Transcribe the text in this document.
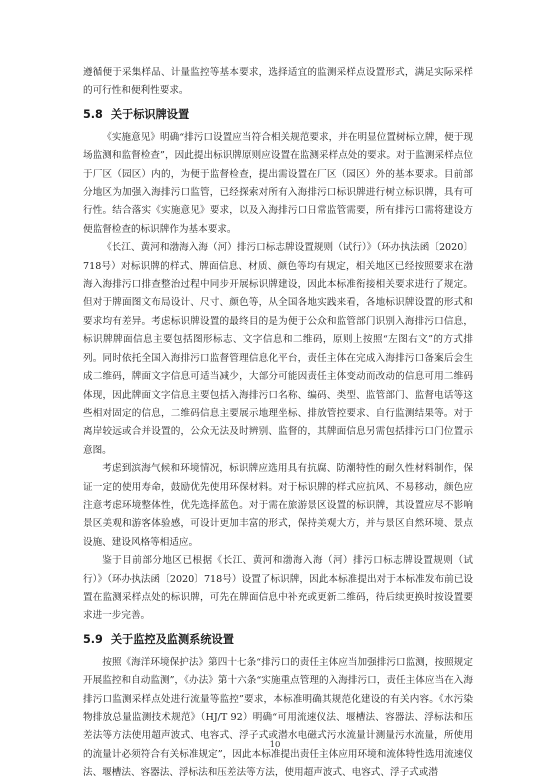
遵循便于采集样品、计量监控等基本要求，选择适宜的监测采样点设置形式，满足实际采样的可行性和便利性要求。

5.8 关于标识牌设置

《实施意见》明确“排污口设置应当符合相关规范要求，并在明显位置树标立牌，便于现场监测和监督检查”，因此提出标识牌原则应设置在监测采样点处的要求。对于监测采样点位于厂区（园区）内的，为便于监督检查，提出需设置在厂区（园区）外的基本要求。目前部分地区为加强入海排污口监管，已经探索对所有入海排污口标识牌进行树立标识牌，具有可行性。结合落实《实施意见》要求，以及入海排污口日常监管需要，所有排污口需将建设方便监督检查的标识牌作为基本要求。

《长江、黄河和渤海入海（河）排污口标志牌设置规则（试行）》（环办执法函〔2020〕718号）对标识牌的样式、牌面信息、材质、颜色等均有规定，相关地区已经按照要求在渤海入海排污口排查整治过程中同步开展标识牌建设，因此本标准衔接相关要求进行了规定。但对于牌面图文布局设计、尺寸、颜色等，从全国各地实践来看，各地标识牌设置的形式和要求均有差异。考虑标识牌设置的最终目的是为便于公众和监管部门识别入海排污口信息，标识牌牌面信息主要包括图形标志、文字信息和二维码，原则上按照“左图右文”的方式排列。同时依托全国入海排污口监督管理信息化平台，责任主体在完成入海排污口备案后会生成二维码，牌面文字信息可适当减少，大部分可能因责任主体变动而改动的信息可用二维码体现，因此牌面文字信息主要包括入海排污口名称、编码、类型、监管部门、监督电话等这些相对固定的信息，二维码信息主要展示地理坐标、排放管控要求、自行监测结果等。对于离岸较远或合并设置的，公众无法及时辨别、监督的，其牌面信息另需包括排污口门位置示意图。

考虑到滨海气候和环境情况，标识牌应选用具有抗腐、防潮特性的耐久性材料制作，保证一定的使用寿命，鼓励优先使用环保材料。对于标识牌的样式应抗风、不易移动，颜色应注意考虑环境整体性，优先选择蓝色。对于需在旅游景区设置的标识牌，其设置应尽不影响景区美观和游客体验感，可设计更加丰富的形式，保持美观大方，并与景区自然环境、景点设施、建设风格等相适应。

鉴于目前部分地区已根据《长江、黄河和渤海入海（河）排污口标志牌设置规则（试行）》（环办执法函〔2020〕718号）设置了标识牌，因此本标准提出对于本标准发布前已设置在监测采样点处的标识牌，可先在牌面信息中补充或更新二维码，待后续更换时按设置要求进一步完善。

5.9 关于监控及监测系统设置

按照《海洋环境保护法》第四十七条“排污口的责任主体应当加强排污口监测，按照规定开展监控和自动监测”，《办法》第十六条“实施重点管理的入海排污口，责任主体应当在入海排污口监测采样点处进行流量等监控”要求，本标准明确其规范化建设的有关内容。《水污染物排放总量监测技术规范》（HJ/T 92）明确“可用流速仪法、堰槽法、容器法、浮标法和压差法等方法使用超声波式、电容式、浮子式或潜水电磁式污水流量计测量污水流量，所使用的流量计必须符合有关标准规定”，因此本标准提出责任主体应用环境和流体特性选用流速仪法、堰槽法、容器法、浮标法和压差法等方法，使用超声波式、电容式、浮子式或潜

10
